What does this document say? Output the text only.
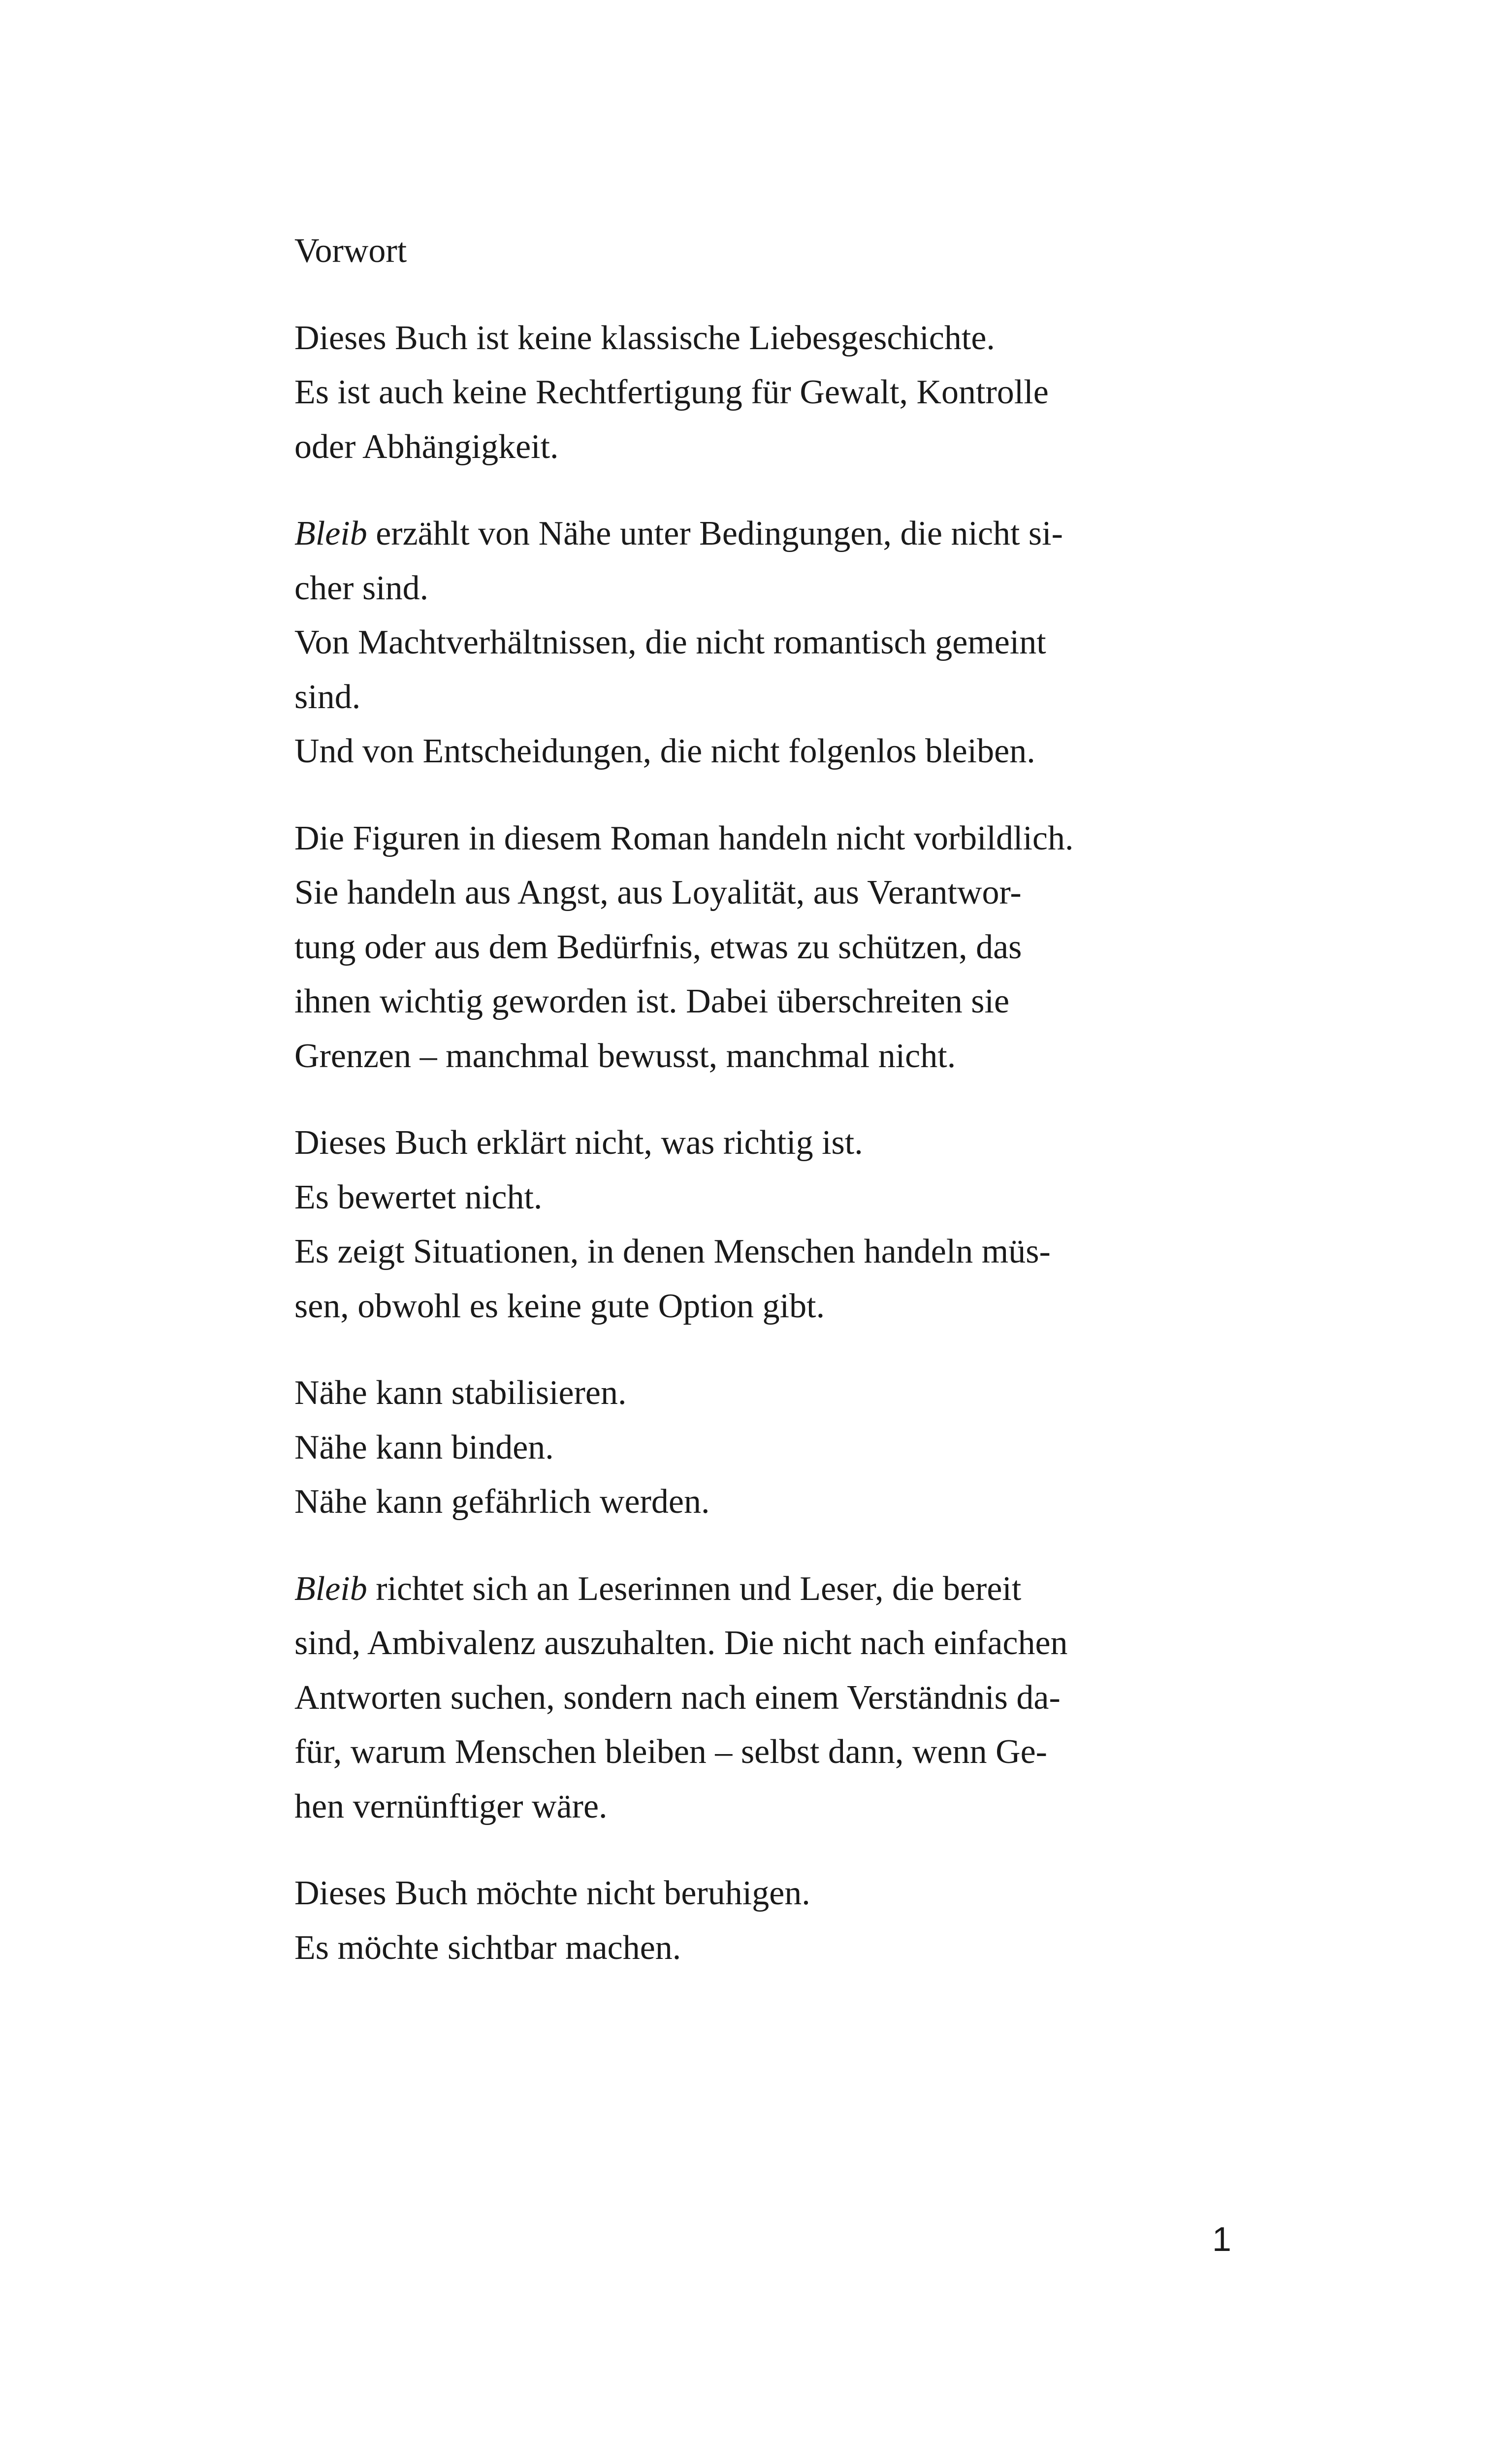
Vorwort
Dieses Buch ist keine klassische Liebesgeschichte.
Es ist auch keine Rechtfertigung für Gewalt, Kontrolle
oder Abhängigkeit.
Bleib erzählt von Nähe unter Bedingungen, die nicht si-
cher sind.
Von Machtverhältnissen, die nicht romantisch gemeint
sind.
Und von Entscheidungen, die nicht folgenlos bleiben.
Die Figuren in diesem Roman handeln nicht vorbildlich.
Sie handeln aus Angst, aus Loyalität, aus Verantwor-
tung oder aus dem Bedürfnis, etwas zu schützen, das
ihnen wichtig geworden ist. Dabei überschreiten sie
Grenzen – manchmal bewusst, manchmal nicht.
Dieses Buch erklärt nicht, was richtig ist.
Es bewertet nicht.
Es zeigt Situationen, in denen Menschen handeln müs-
sen, obwohl es keine gute Option gibt.
Nähe kann stabilisieren.
Nähe kann binden.
Nähe kann gefährlich werden.
Bleib richtet sich an Leserinnen und Leser, die bereit
sind, Ambivalenz auszuhalten. Die nicht nach einfachen
Antworten suchen, sondern nach einem Verständnis da-
für, warum Menschen bleiben – selbst dann, wenn Ge-
hen vernünftiger wäre.
Dieses Buch möchte nicht beruhigen.
Es möchte sichtbar machen.
1
